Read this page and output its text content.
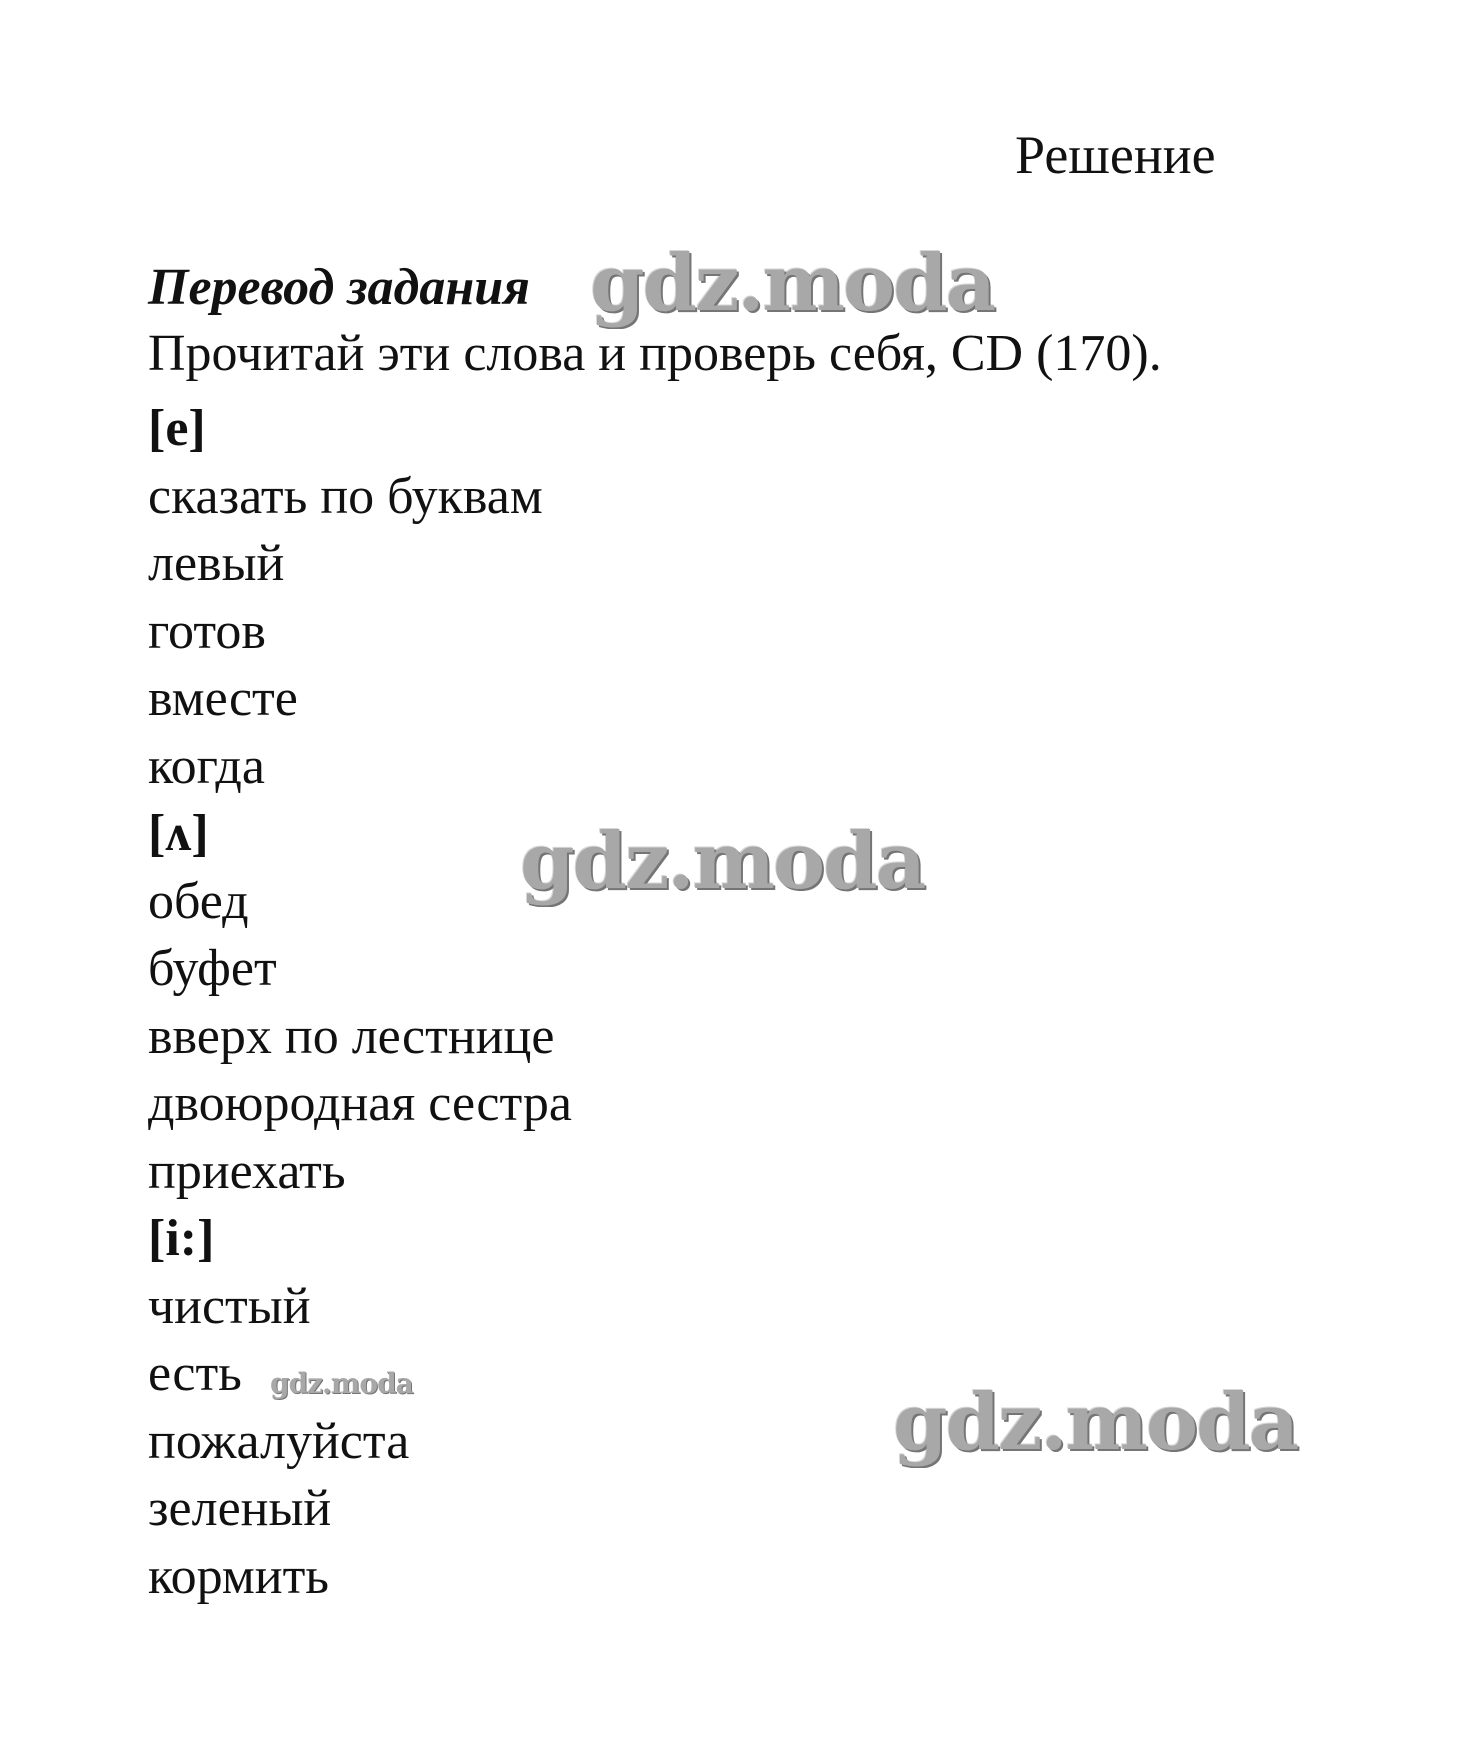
Решение
Перевод задания
Прочитай эти слова и проверь себя, CD (170).
[e]
сказать по буквам
левый
готов
вместе
когда
[ʌ]
обед
буфет
вверх по лестнице
двоюродная сестра
приехать
[i:]
чистый
есть
пожалуйста
зеленый
кормить
gdz.moda
gdz.moda
gdz.moda	gdz.moda
